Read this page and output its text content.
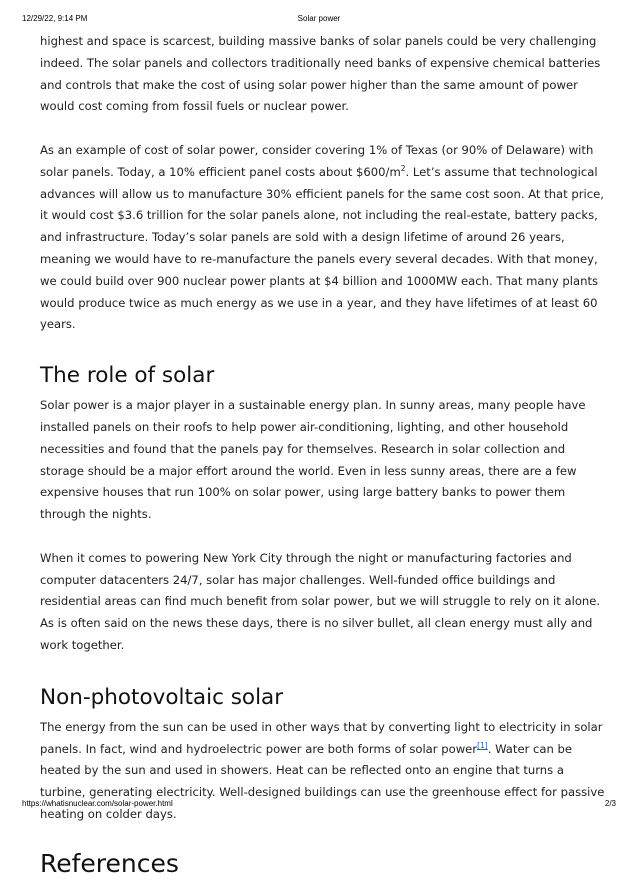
12/29/22, 9:14 PM	Solar power

highest and space is scarcest, building massive banks of solar panels could be very challenging indeed. The solar panels and collectors traditionally need banks of expensive chemical batteries and controls that make the cost of using solar power higher than the same amount of power would cost coming from fossil fuels or nuclear power.

As an example of cost of solar power, consider covering 1% of Texas (or 90% of Delaware) with solar panels. Today, a 10% efficient panel costs about $\$600/m^2$. Let’s assume that technological advances will allow us to manufacture 30% efficient panels for the same cost soon. At that price, it would cost $3.6 trillion for the solar panels alone, not including the real-estate, battery packs, and infrastructure. Today’s solar panels are sold with a design lifetime of around 26 years, meaning we would have to re-manufacture the panels every several decades. With that money, we could build over 900 nuclear power plants at $4 billion and 1000MW each. That many plants would produce twice as much energy as we use in a year, and they have lifetimes of at least 60 years.

The role of solar

Solar power is a major player in a sustainable energy plan. In sunny areas, many people have installed panels on their roofs to help power air-conditioning, lighting, and other household necessities and found that the panels pay for themselves. Research in solar collection and storage should be a major effort around the world. Even in less sunny areas, there are a few expensive houses that run 100% on solar power, using large battery banks to power them through the nights.

When it comes to powering New York City through the night or manufacturing factories and computer datacenters 24/7, solar has major challenges. Well-funded office buildings and residential areas can find much benefit from solar power, but we will struggle to rely on it alone. As is often said on the news these days, there is no silver bullet, all clean energy must ally and work together.

Non-photovoltaic solar

The energy from the sun can be used in other ways that by converting light to electricity in solar panels. In fact, wind and hydroelectric power are both forms of solar power[1]. Water can be heated by the sun and used in showers. Heat can be reflected onto an engine that turns a turbine, generating electricity. Well-designed buildings can use the greenhouse effect for passive heating on colder days.

References
https://whatisnuclear.com/solar-power.html	2/3
